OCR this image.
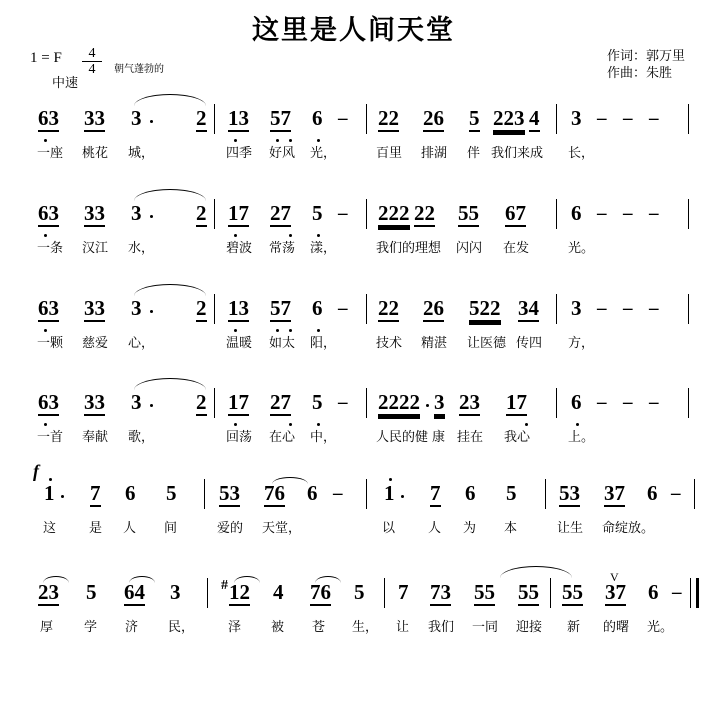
这里是人间天堂
1 = F $\frac{4}{4}$ 朝气蓬勃的
中速
作词：郭万里
作曲：朱胜
63 33 3	2 13 57 6 – 22 26 5 223 4 3 – – –
一座 桃花 城，	四季 好风 光，	百里 排湖 伴 我们来成 长，
63 33 3	2 17 27 5 – 222 22 55 67 6 – – –
一条 汉江 水，	碧波 常荡 漾，	我们的理想 闪闪 在发	光。
63 33 3	2 13 57 6 – 22 26 522 34 3 – – –
一颗 慈爱 心，	温暖 如太 阳，	技术 精湛 让医德 传四 方，
63 33 3	2 17 27 5 – 2222 3 23 17 6 – – –
一首 奉献 歌，	回荡 在心 中，	人民的健 康 挂在 我心	上。
f
1 7 6 5 53 76 6 – 1 7 6 5 53 37 6 –
这	是 人 间	爱的 天堂，	以	人 为 本	让生 命绽放。
23 5 64 3	# 12 4 76 5 7 73 55 55 55
V
37 6 –
厚 学 济 民，	泽 被 苍 生， 让 我们 一同 迎接 新 的曙 光。
